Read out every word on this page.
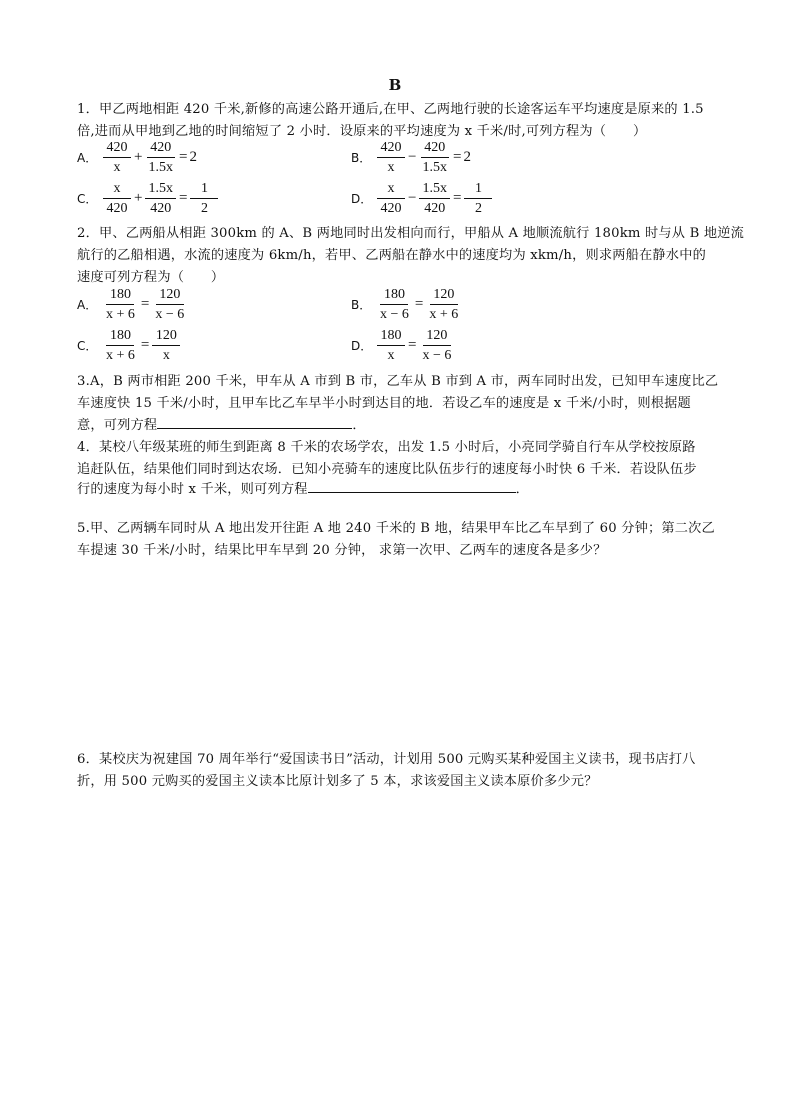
B
1．甲乙两地相距 420 千米,新修的高速公路开通后,在甲、乙两地行驶的长途客运车平均速度是原来的 1.5
倍,进而从甲地到乙地的时间缩短了 2 小时．设原来的平均速度为 x 千米/时,可列方程为（　　）
A． $\frac{420}{x} + \frac{420}{1.5x} = 2$	B． $\frac{420}{x} - \frac{420}{1.5x} = 2$
C． $\frac{x}{420} + \frac{1.5x}{420} = \frac{1}{2}$	D． $\frac{x}{420} - \frac{1.5x}{420} = \frac{1}{2}$
2．甲、乙两船从相距 300km 的 A、B 两地同时出发相向而行，甲船从 A 地顺流航行 180km 时与从 B 地逆流
航行的乙船相遇，水流的速度为 6km/h，若甲、乙两船在静水中的速度均为 xkm/h，则求两船在静水中的
速度可列方程为（　　）
A． $\frac{180}{x + 6} = \frac{120}{x - 6}$	B． $\frac{180}{x - 6} = \frac{120}{x + 6}$
C． $\frac{180}{x + 6} = \frac{120}{x}$	D． $\frac{180}{x} = \frac{120}{x - 6}$
3.A，B 两市相距 200 千米，甲车从 A 市到 B 市，乙车从 B 市到 A 市，两车同时出发，已知甲车速度比乙
车速度快 15 千米/小时，且甲车比乙车早半小时到达目的地．若设乙车的速度是 x 千米/小时，则根据题
意，可列方程	．
4．某校八年级某班的师生到距离 8 千米的农场学农，出发 1.5 小时后，小亮同学骑自行车从学校按原路
追赶队伍，结果他们同时到达农场．已知小亮骑车的速度比队伍步行的速度每小时快 6 千米．若设队伍步
行的速度为每小时 x 千米，则可列方程	．
5.甲、乙两辆车同时从 A 地出发开往距 A 地 240 千米的 B 地，结果甲车比乙车早到了 60 分钟；第二次乙
车提速 30 千米/小时，结果比甲车早到 20 分钟， 求第一次甲、乙两车的速度各是多少？
6．某校庆为祝建国 70 周年举行“爱国读书日”活动，计划用 500 元购买某种爱国主义读书，现书店打八
折，用 500 元购买的爱国主义读本比原计划多了 5 本，求该爱国主义读本原价多少元？
